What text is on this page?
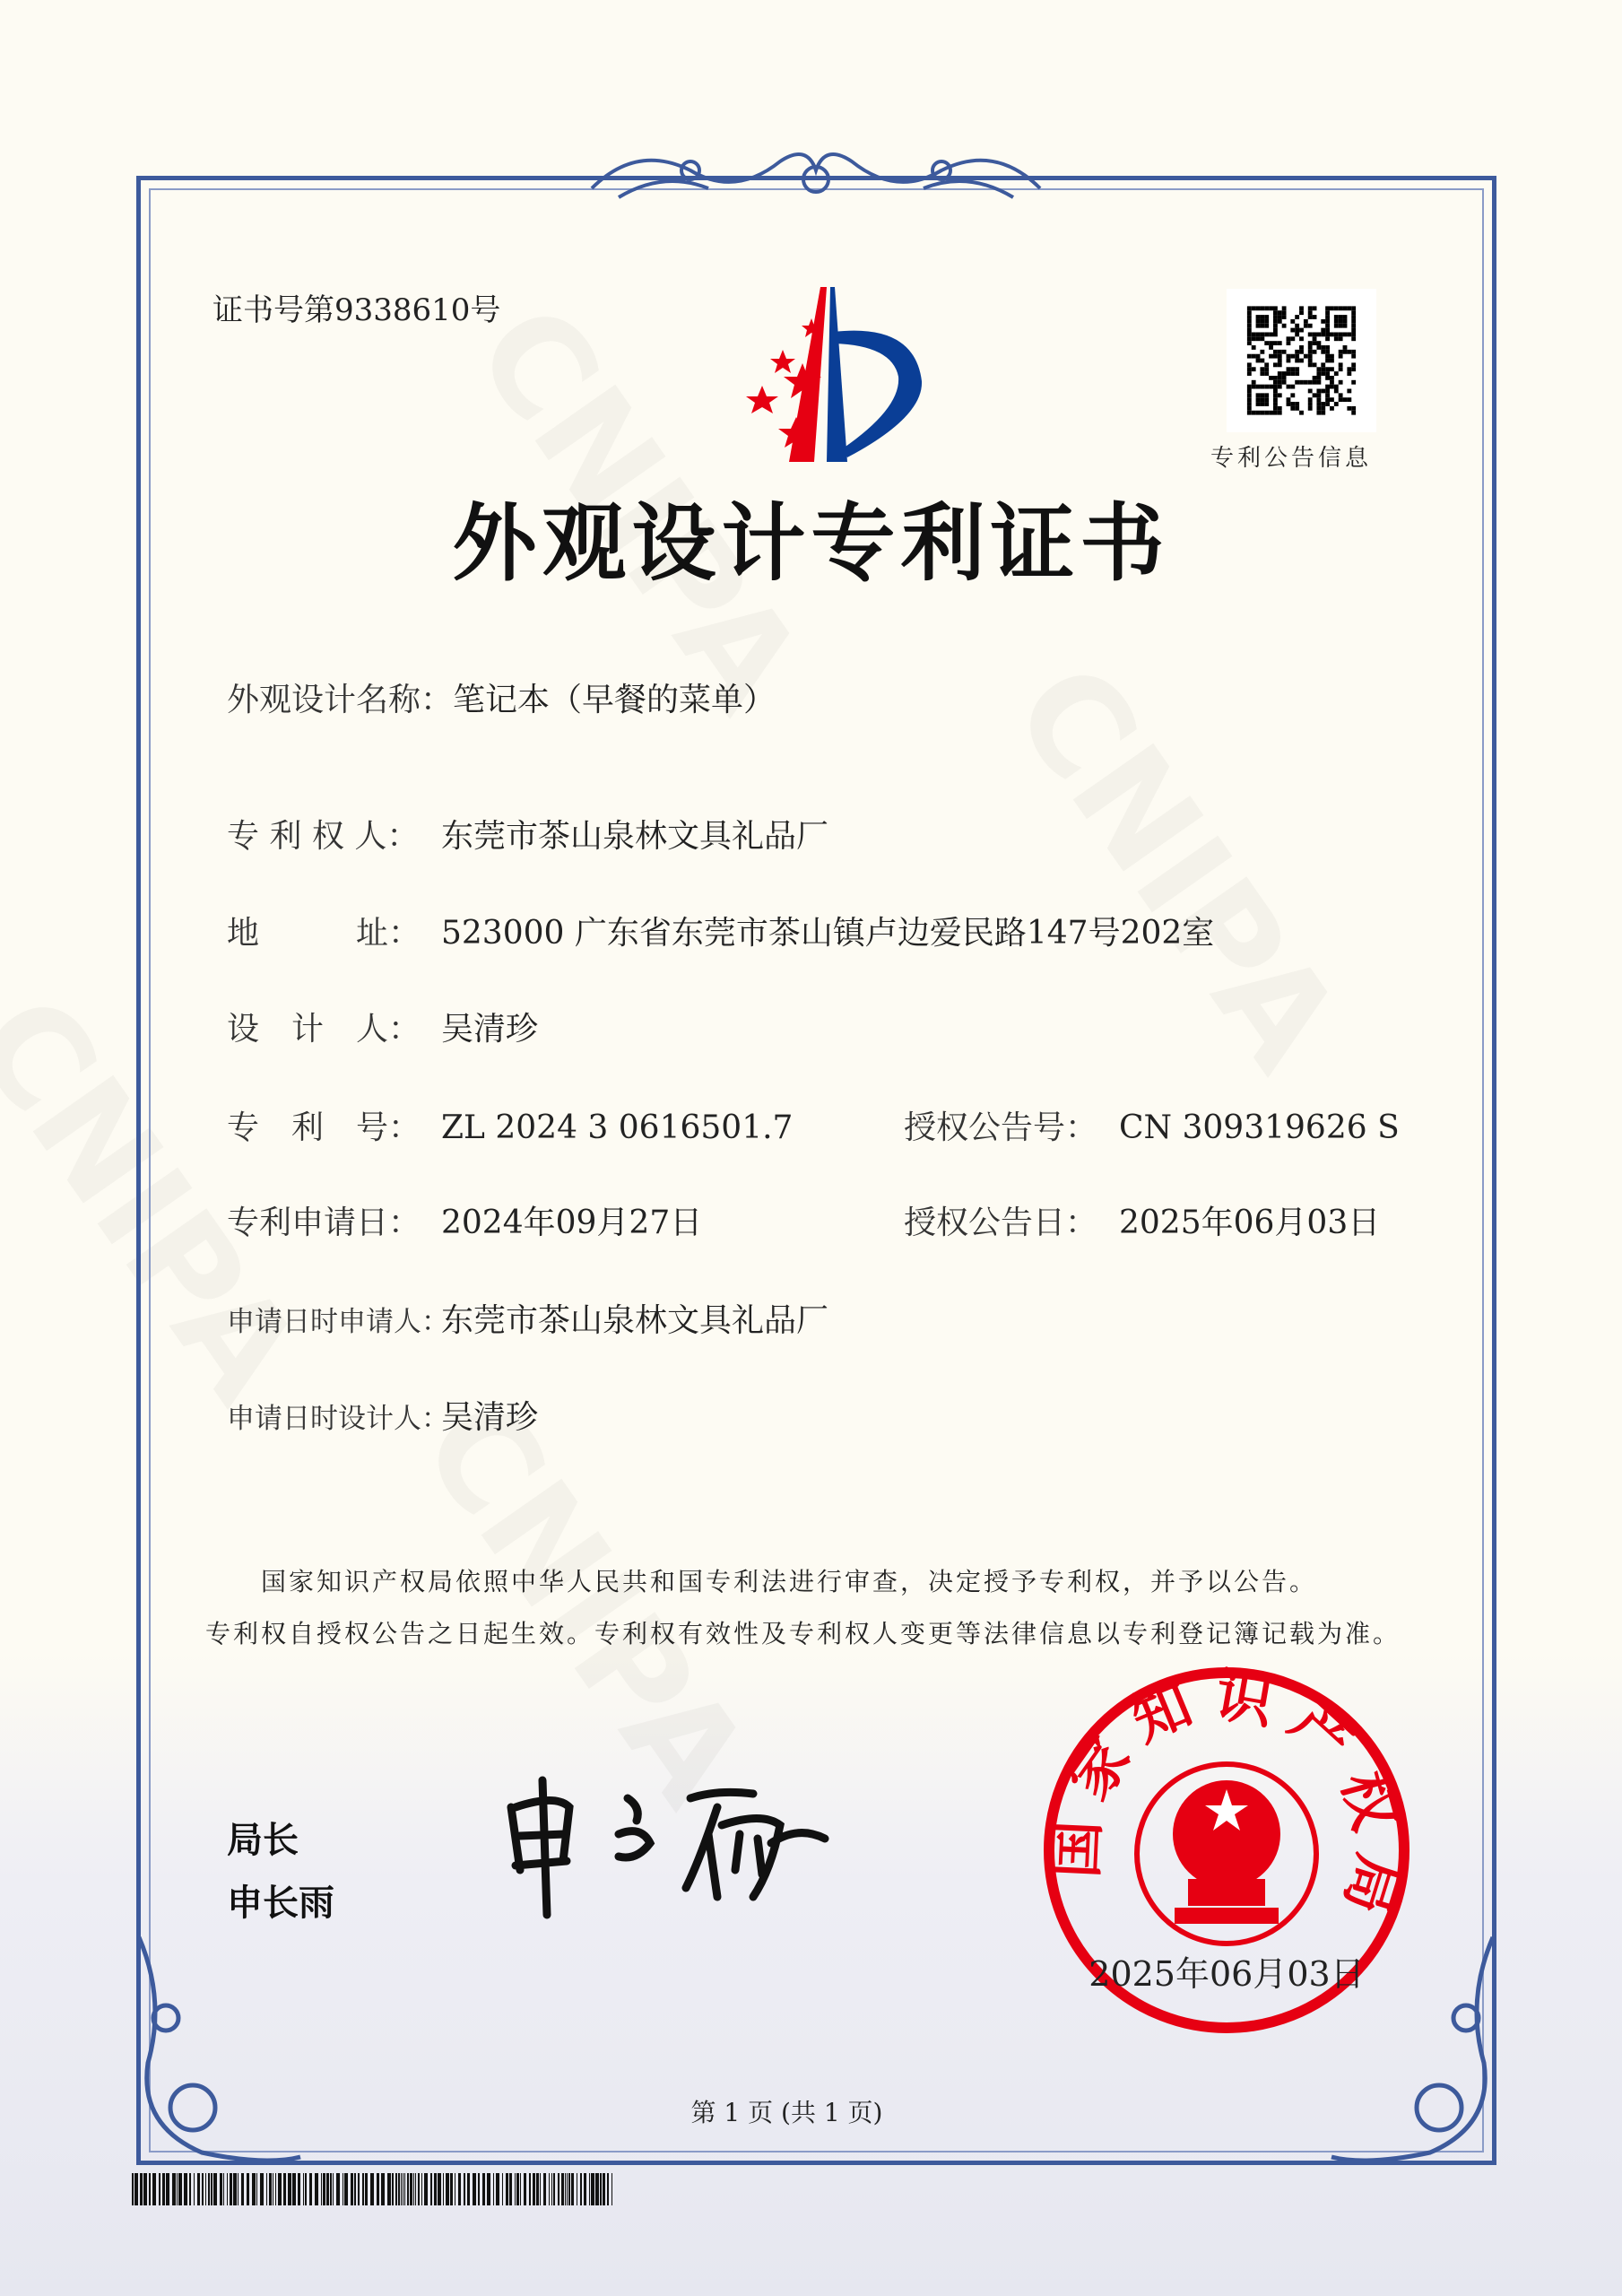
证书号第9338610号
专利公告信息
外观设计专利证书
外观设计名称：笔记本（早餐的菜单）
专 利 权 人： 东莞市茶山泉林文具礼品厂
地　　　址： 523000 广东省东莞市茶山镇卢边爱民路147号202室
设　计　人： 吴清珍
专　利　号： ZL 2024 3 0616501.7	授权公告号： CN 309319626 S
专利申请日： 2024年09月27日	授权公告日： 2025年06月03日
申请日时申请人：东莞市茶山泉林文具礼品厂
申请日时设计人：吴清珍
国家知识产权局依照中华人民共和国专利法进行审查，决定授予专利权，并予以公告。
专利权自授权公告之日起生效。专利权有效性及专利权人变更等法律信息以专利登记簿记载为准。
局长
申长雨
国家知识产权局
2025年06月03日
第 1 页 (共 1 页)
